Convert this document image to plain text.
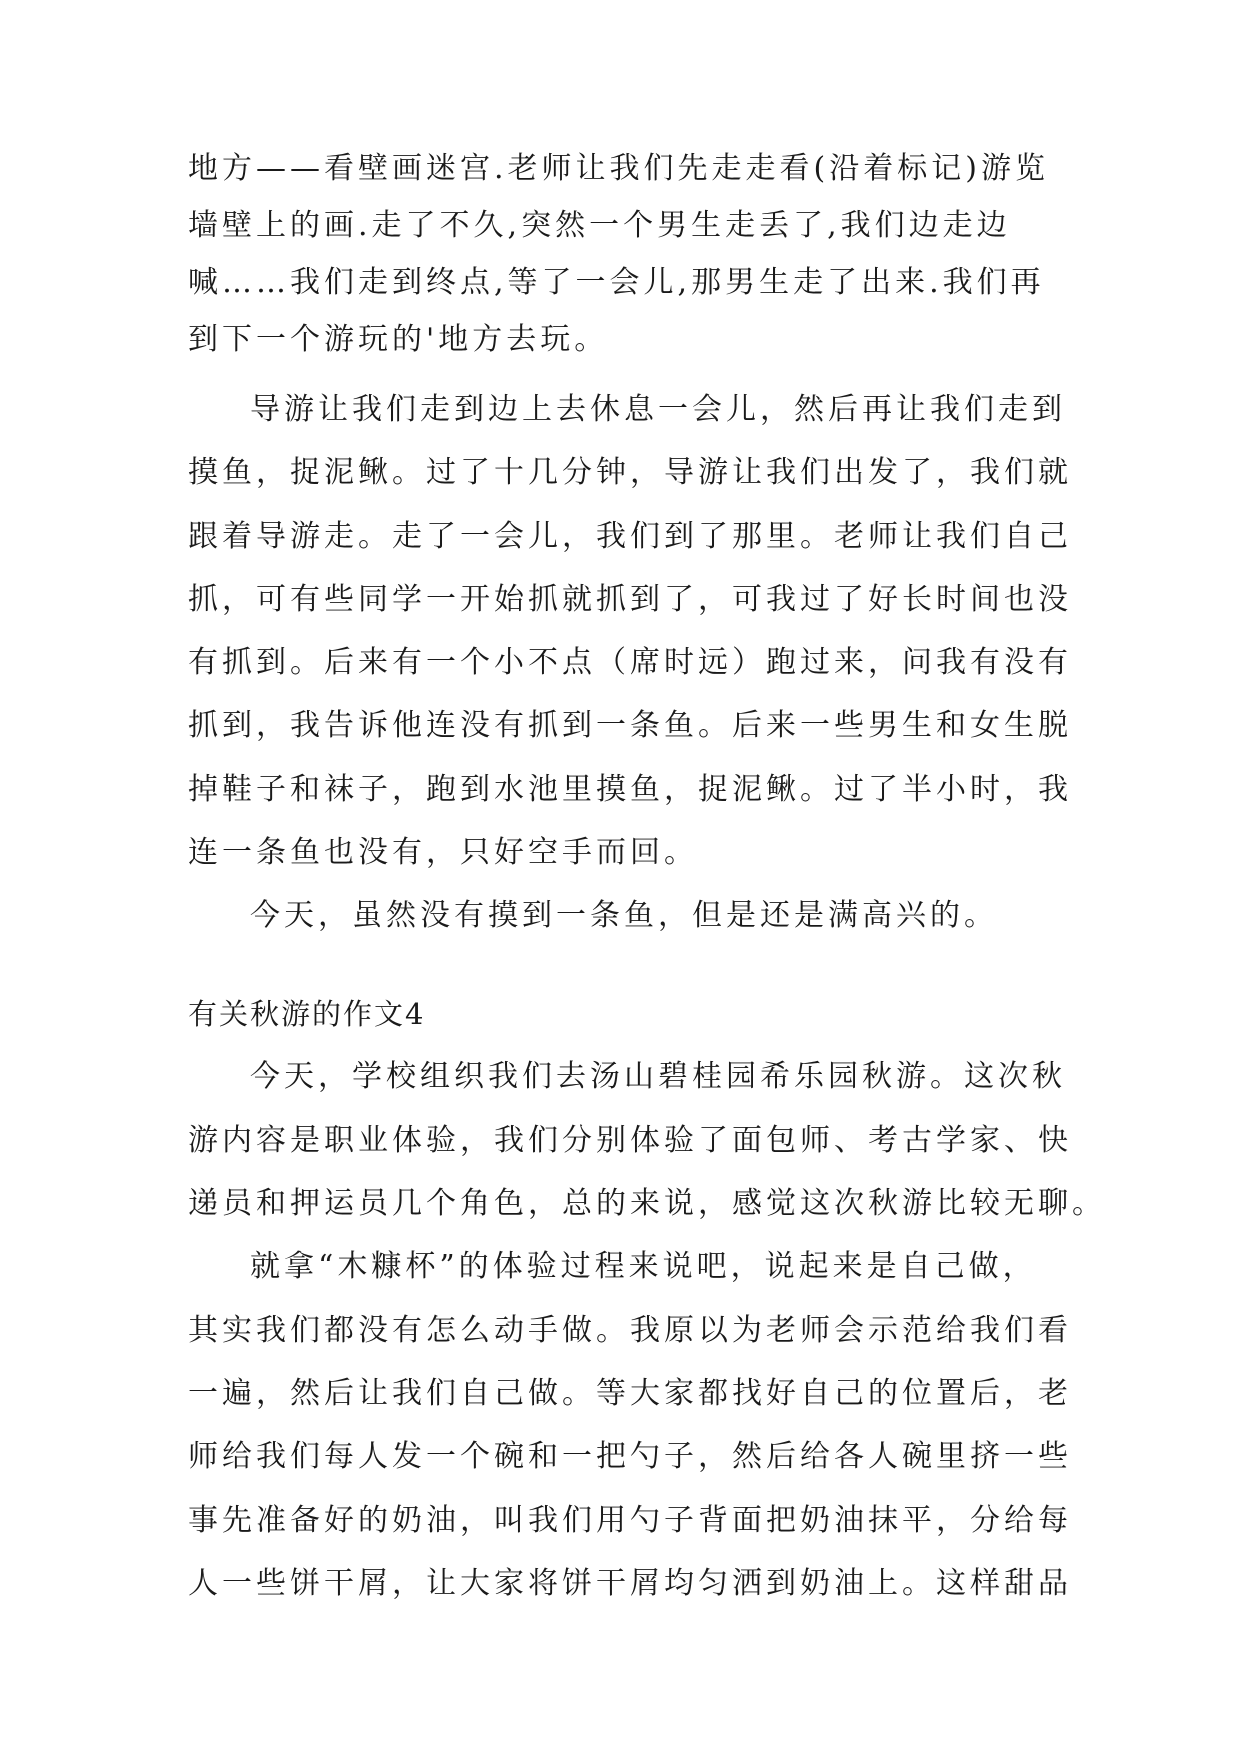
地方——看壁画迷宫.老师让我们先走走看(沿着标记)游览
墙壁上的画.走了不久,突然一个男生走丢了,我们边走边
喊……我们走到终点,等了一会儿,那男生走了出来.我们再
到下一个游玩的'地方去玩。
导游让我们走到边上去休息一会儿，然后再让我们走到
摸鱼，捉泥鳅。过了十几分钟，导游让我们出发了，我们就
跟着导游走。走了一会儿，我们到了那里。老师让我们自己
抓，可有些同学一开始抓就抓到了，可我过了好长时间也没
有抓到。后来有一个小不点（席时远）跑过来，问我有没有
抓到，我告诉他连没有抓到一条鱼。后来一些男生和女生脱
掉鞋子和袜子，跑到水池里摸鱼，捉泥鳅。过了半小时，我
连一条鱼也没有，只好空手而回。
今天，虽然没有摸到一条鱼，但是还是满高兴的。
有关秋游的作文4
今天，学校组织我们去汤山碧桂园希乐园秋游。这次秋
游内容是职业体验，我们分别体验了面包师、考古学家、快
递员和押运员几个角色，总的来说，感觉这次秋游比较无聊。
就拿“木糠杯”的体验过程来说吧，说起来是自己做，
其实我们都没有怎么动手做。我原以为老师会示范给我们看
一遍，然后让我们自己做。等大家都找好自己的位置后，老
师给我们每人发一个碗和一把勺子，然后给各人碗里挤一些
事先准备好的奶油，叫我们用勺子背面把奶油抹平，分给每
人一些饼干屑，让大家将饼干屑均匀洒到奶油上。这样甜品
